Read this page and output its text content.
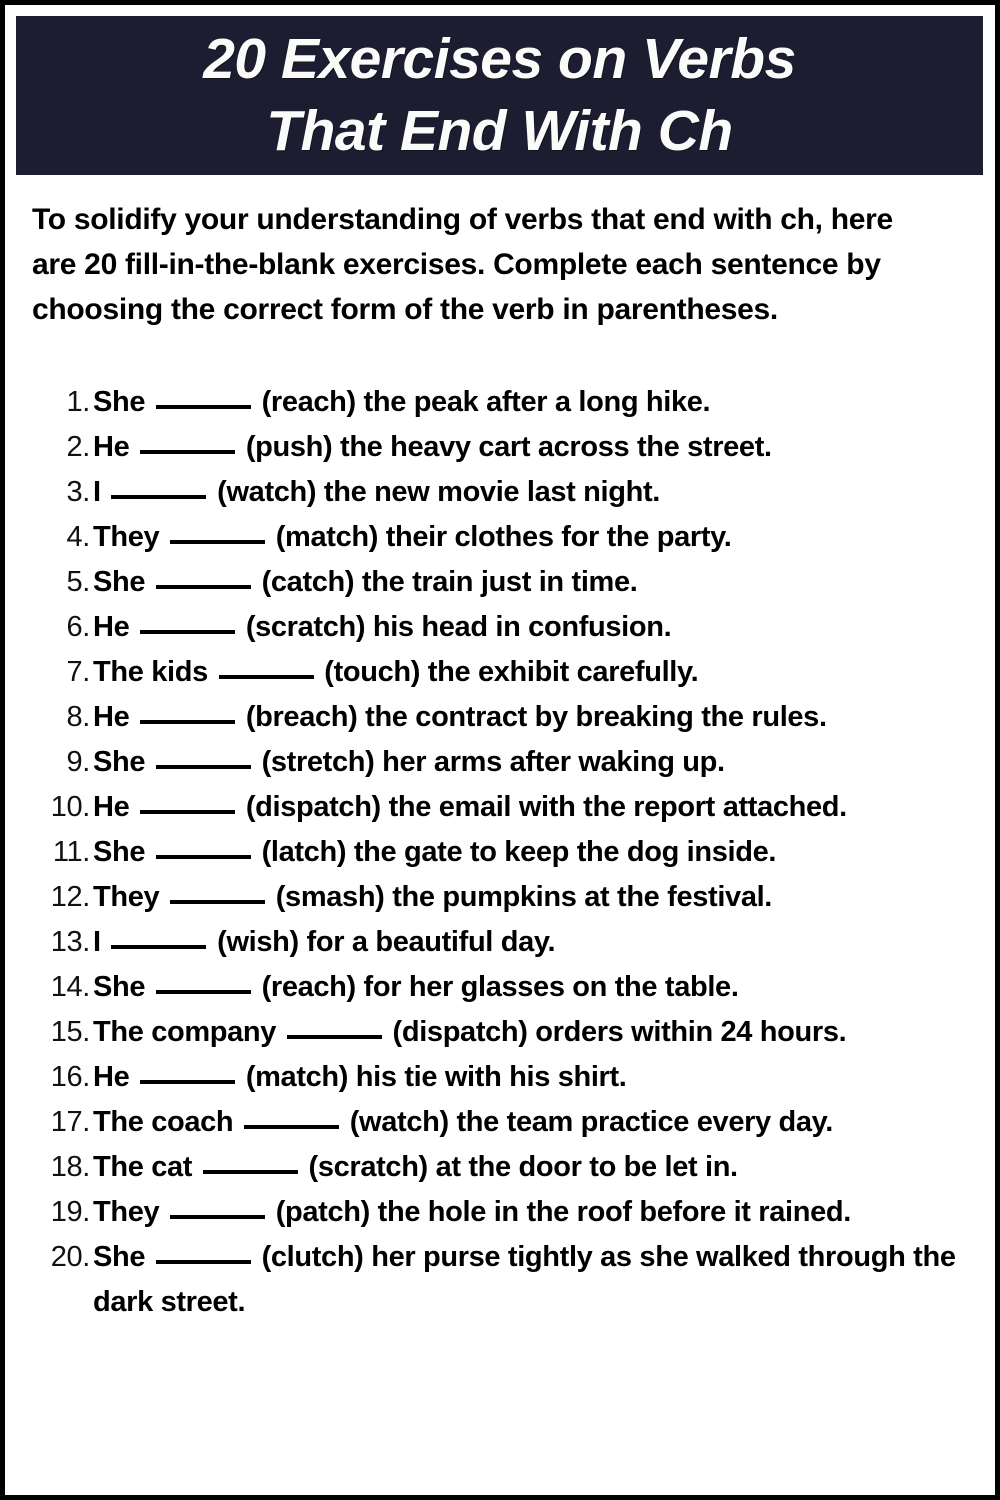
20 Exercises on Verbs That End With Ch

To solidify your understanding of verbs that end with ch, here are 20 fill-in-the-blank exercises. Complete each sentence by choosing the correct form of the verb in parentheses.

1. She	(reach) the peak after a long hike.
2. He	(push) the heavy cart across the street.
3. I	(watch) the new movie last night.
4. They	(match) their clothes for the party.
5. She	(catch) the train just in time.
6. He	(scratch) his head in confusion.
7. The kids	(touch) the exhibit carefully.
8. He	(breach) the contract by breaking the rules.
9. She	(stretch) her arms after waking up.
10. He	(dispatch) the email with the report attached.
11. She	(latch) the gate to keep the dog inside.
12. They	(smash) the pumpkins at the festival.
13. I	(wish) for a beautiful day.
14. She	(reach) for her glasses on the table.
15. The company	(dispatch) orders within 24 hours.
16. He	(match) his tie with his shirt.
17. The coach	(watch) the team practice every day.
18. The cat	(scratch) at the door to be let in.
19. They	(patch) the hole in the roof before it rained.
20. She	(clutch) her purse tightly as she walked through the dark street.
